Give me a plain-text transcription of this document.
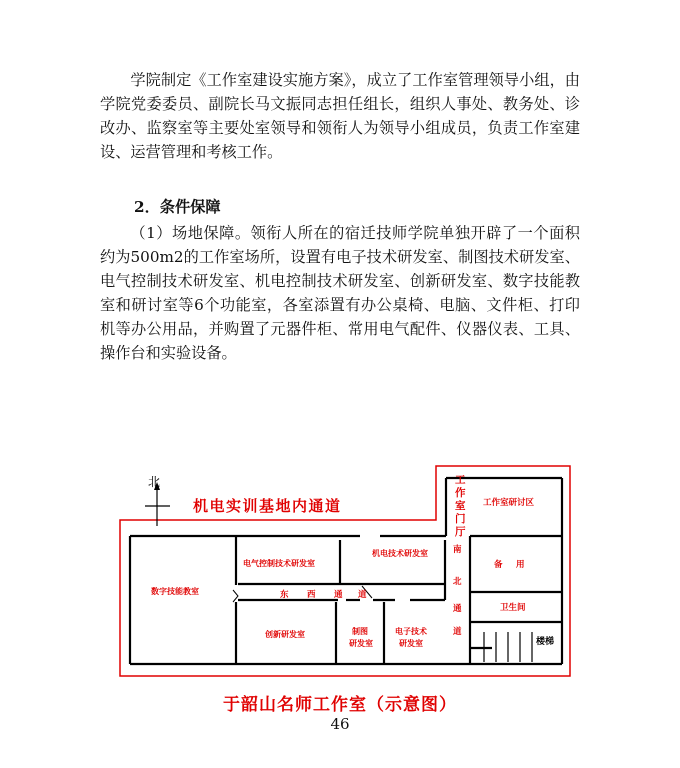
学院制定《工作室建设实施方案》，成立了工作室管理领导小组，由学院党委委员、副院长马文振同志担任组长，组织人事处、教务处、诊改办、监察室等主要处室领导和领衔人为领导小组成员，负责工作室建设、运营管理和考核工作。

2．条件保障

（1）场地保障。领衔人所在的宿迁技师学院单独开辟了一个面积约为500m2的工作室场所，设置有电子技术研发室、制图技术研发室、电气控制技术研发室、机电控制技术研发室、创新研发室、数字技能教室和研讨室等6个功能室，各室添置有办公桌椅、电脑、文件柜、打印机等办公用品，并购置了元器件柜、常用电气配件、仪器仪表、工具、操作台和实验设备。

北
机电实训基地内通道
工
作
室
门
厅
工作室研讨区
数字技能教室
电气控制技术研发室
机电技术研发室
创新研发室	制图
研发室
电子技术
研发室
备 用
卫生间
楼梯
东 西 通 道
南
北
通
道

于韶山名师工作室（示意图）

46
